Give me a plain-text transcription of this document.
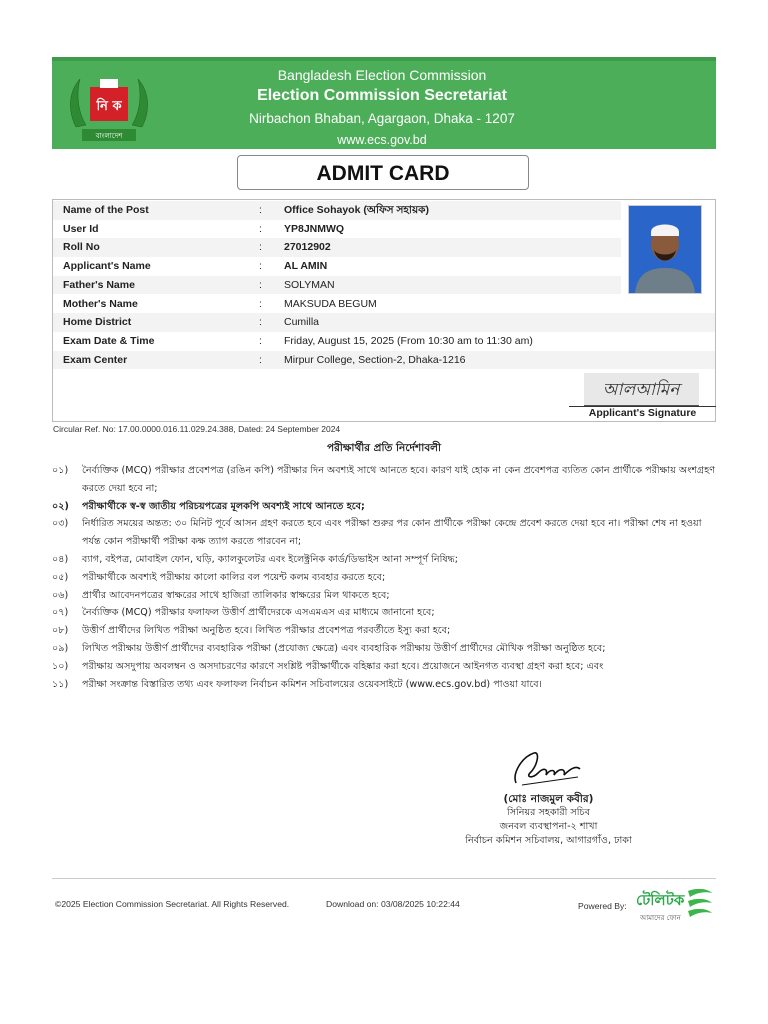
নি ক
বাংলাদেশ
Bangladesh Election Commission
Election Commission Secretariat
Nirbachon Bhaban, Agargaon, Dhaka - 1207
www.ecs.gov.bd
ADMIT CARD
Name of the Post	: Office Sohayok (অফিস সহায়ক)
User Id	: YP8JNMWQ
Roll No	: 27012902
Applicant's Name	: AL AMIN
Father's Name	: SOLYMAN
Mother's Name	: MAKSUDA BEGUM
Home District	: Cumilla
Exam Date & Time	: Friday, August 15, 2025 (From 10:30 am to 11:30 am)
Exam Center	: Mirpur College, Section-2, Dhaka-1216
আলআমিন
Applicant's Signature
Circular Ref. No: 17.00.0000.016.11.029.24.388, Dated: 24 September 2024
পরীক্ষার্থীর প্রতি নির্দেশাবলী
০১) নৈর্ব্যক্তিক (MCQ) পরীক্ষার প্রবেশপত্র (রঙিন কপি) পরীক্ষার দিন অবশ্যই সাথে আনতে হবে। কারণ যাই হোক না কেন প্রবেশপত্র ব্যতিত কোন প্রার্থীকে পরীক্ষায় অংশগ্রহণ করতে দেয়া হবে না;
০২) পরীক্ষার্থীকে স্ব-স্ব জাতীয় পরিচয়পত্রের মূলকপি অবশ্যই সাথে আনতে হবে;
০৩) নির্ধারিত সময়ের অন্তত: ৩০ মিনিট পূর্বে আসন গ্রহণ করতে হবে এবং পরীক্ষা শুরুর পর কোন প্রার্থীকে পরীক্ষা কেন্দ্রে প্রবেশ করতে দেয়া হবে না। পরীক্ষা শেষ না হওয়া পর্যন্ত কোন পরীক্ষার্থী পরীক্ষা কক্ষ ত্যাগ করতে পারবেন না;
০৪) ব্যাগ, বইপত্র, মোবাইল ফোন, ঘড়ি, ক্যালকুলেটর এবং ইলেক্ট্রনিক কার্ড/ডিভাইস আনা সম্পূর্ণ নিষিদ্ধ;
০৫) পরীক্ষার্থীকে অবশ্যই পরীক্ষায় কালো কালির বল পয়েন্ট কলম ব্যবহার করতে হবে;
০৬) প্রার্থীর আবেদনপত্রের স্বাক্ষরের সাথে হাজিরা তালিকার স্বাক্ষরের মিল থাকতে হবে;
০৭) নৈর্ব্যক্তিক (MCQ) পরীক্ষার ফলাফল উত্তীর্ণ প্রার্থীদেরকে এসএমএস এর মাধ্যমে জানানো হবে;
০৮) উত্তীর্ণ প্রার্থীদের লিখিত পরীক্ষা অনুষ্ঠিত হবে। লিখিত পরীক্ষার প্রবেশপত্র পরবর্তীতে ইস্যু করা হবে;
০৯) লিখিত পরীক্ষায় উত্তীর্ণ প্রার্থীদের ব্যবহারিক পরীক্ষা (প্রযোজ্য ক্ষেত্রে) এবং ব্যবহারিক পরীক্ষায় উত্তীর্ণ প্রার্থীদের মৌখিক পরীক্ষা অনুষ্ঠিত হবে;
১০) পরীক্ষায় অসদুপায় অবলম্বন ও অসদাচরণের কারণে সংশ্লিষ্ট পরীক্ষার্থীকে বহিষ্কার করা হবে। প্রয়োজনে আইনগত ব্যবস্থা গ্রহণ করা হবে; এবং
১১) পরীক্ষা সংক্রান্ত বিস্তারিত তথ্য এবং ফলাফল নির্বাচন কমিশন সচিবালয়ের ওয়েবসাইটে (www.ecs.gov.bd) পাওয়া যাবে।
(মোঃ নাজমুল কবীর)
সিনিয়র সহকারী সচিব
জনবল ব্যবস্থাপনা-২ শাখা
নির্বাচন কমিশন সচিবালয়, আগারগাঁও, ঢাকা
©2025 Election Commission Secretariat. All Rights Reserved.	Download on: 03/08/2025 10:22:44	Powered By: টেলিটক
আমাদের ফোন
